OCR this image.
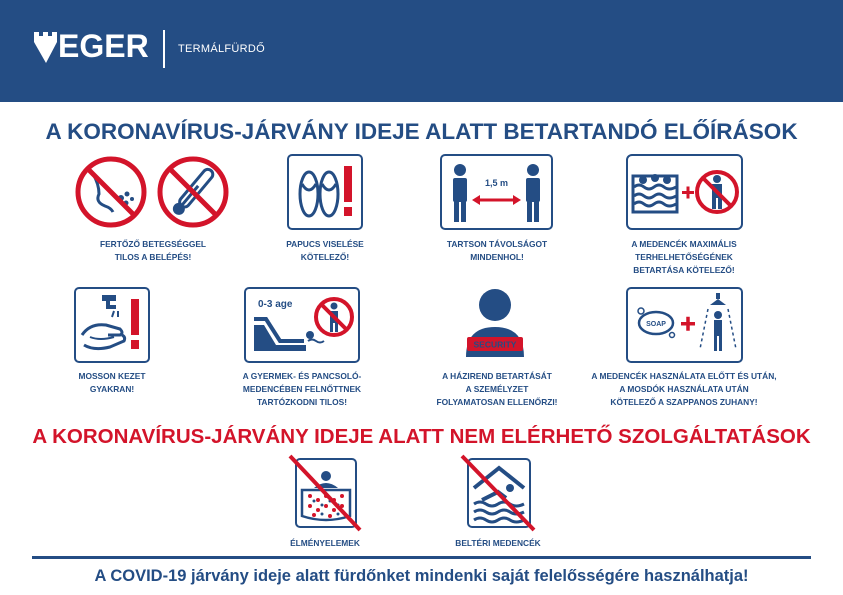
EGER	TERMÁLFÜRDŐ
A KORONAVÍRUS-JÁRVÁNY IDEJE ALATT BETARTANDÓ ELŐÍRÁSOK
FERTŐZŐ BETEGSÉGGEL
TILOS A BELÉPÉS!
PAPUCS VISELÉSE
KÖTELEZŐ!
1,5 m
TARTSON TÁVOLSÁGOT
MINDENHOL!
A MEDENCÉK MAXIMÁLIS
TERHELHETŐSÉGÉNEK
BETARTÁSA KÖTELEZŐ!
MOSSON KEZET
GYAKRAN!
0-3 age
A GYERMEK- ÉS PANCSOLÓ-
MEDENCÉBEN FELNŐTTNEK
TARTÓZKODNI TILOS!
SECURITY
A HÁZIREND BETARTÁSÁT
A SZEMÉLYZET
FOLYAMATOSAN ELLENŐRZI!
SOAP
A MEDENCÉK HASZNÁLATA ELŐTT ÉS UTÁN,
A MOSDÓK HASZNÁLATA UTÁN
KÖTELEZŐ A SZAPPANOS ZUHANY!
A KORONAVÍRUS-JÁRVÁNY IDEJE ALATT NEM ELÉRHETŐ SZOLGÁLTATÁSOK
ÉLMÉNYELEMEK	BELTÉRI MEDENCÉK
A COVID-19 járvány ideje alatt fürdőnket mindenki saját felelősségére használhatja!
